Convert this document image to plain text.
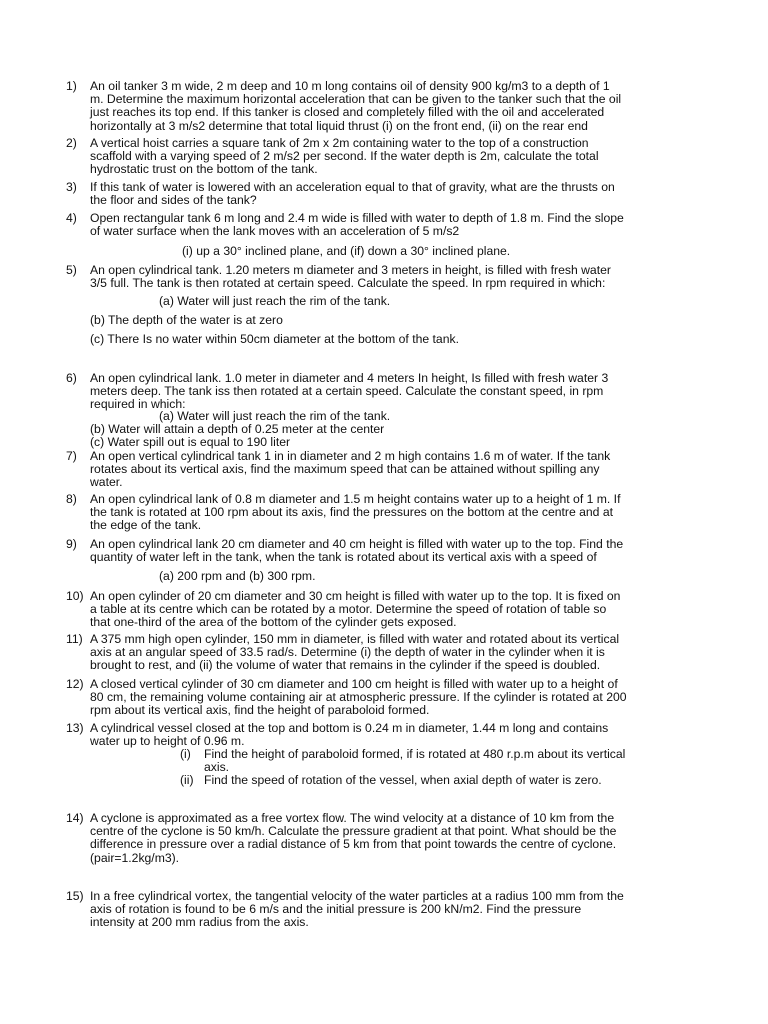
1) An oil tanker 3 m wide, 2 m deep and 10 m long contains oil of density 900 kg/m3 to a depth of 1
m. Determine the maximum horizontal acceleration that can be given to the tanker such that the oil
just reaches its top end. If this tanker is closed and completely filled with the oil and accelerated
horizontally at 3 m/s2 determine that total liquid thrust (i) on the front end, (ii) on the rear end
2) A vertical hoist carries a square tank of 2m x 2m containing water to the top of a construction
scaffold with a varying speed of 2 m/s2 per second. If the water depth is 2m, calculate the total
hydrostatic trust on the bottom of the tank.
3) If this tank of water is lowered with an acceleration equal to that of gravity, what are the thrusts on
the floor and sides of the tank?
4) Open rectangular tank 6 m long and 2.4 m wide is filled with water to depth of 1.8 m. Find the slope
of water surface when the lank moves with an acceleration of 5 m/s2
(i) up a 30° inclined plane, and (if) down a 30° inclined plane.
5) An open cylindrical tank. 1.20 meters m diameter and 3 meters in height, is filled with fresh water
3/5 full. The tank is then rotated at certain speed. Calculate the speed. In rpm required in which:
(a) Water will just reach the rim of the tank.
(b) The depth of the water is at zero
(c) There Is no water within 50cm diameter at the bottom of the tank.
6) An open cylindrical lank. 1.0 meter in diameter and 4 meters In height, Is filled with fresh water 3
meters deep. The tank iss then rotated at a certain speed. Calculate the constant speed, in rpm
required in which:
(a) Water will just reach the rim of the tank.
(b) Water will attain a depth of 0.25 meter at the center
(c) Water spill out is equal to 190 liter
7) An open vertical cylindrical tank 1 in in diameter and 2 m high contains 1.6 m of water. If the tank
rotates about its vertical axis, find the maximum speed that can be attained without spilling any
water.
8) An open cylindrical lank of 0.8 m diameter and 1.5 m height contains water up to a height of 1 m. If
the tank is rotated at 100 rpm about its axis, find the pressures on the bottom at the centre and at
the edge of the tank.
9) An open cylindrical lank 20 cm diameter and 40 cm height is filled with water up to the top. Find the
quantity of water left in the tank, when the tank is rotated about its vertical axis with a speed of
(a) 200 rpm and (b) 300 rpm.
10) An open cylinder of 20 cm diameter and 30 cm height is filled with water up to the top. It is fixed on
a table at its centre which can be rotated by a motor. Determine the speed of rotation of table so
that one-third of the area of the bottom of the cylinder gets exposed.
11) A 375 mm high open cylinder, 150 mm in diameter, is filled with water and rotated about its vertical
axis at an angular speed of 33.5 rad/s. Determine (i) the depth of water in the cylinder when it is
brought to rest, and (ii) the volume of water that remains in the cylinder if the speed is doubled.
12) A closed vertical cylinder of 30 cm diameter and 100 cm height is filled with water up to a height of
80 cm, the remaining volume containing air at atmospheric pressure. If the cylinder is rotated at 200
rpm about its vertical axis, find the height of paraboloid formed.
13) A cylindrical vessel closed at the top and bottom is 0.24 m in diameter, 1.44 m long and contains
water up to height of 0.96 m.
(i) Find the height of paraboloid formed, if is rotated at 480 r.p.m about its vertical
axis.
(ii) Find the speed of rotation of the vessel, when axial depth of water is zero.
14) A cyclone is approximated as a free vortex flow. The wind velocity at a distance of 10 km from the
centre of the cyclone is 50 km/h. Calculate the pressure gradient at that point. What should be the
difference in pressure over a radial distance of 5 km from that point towards the centre of cyclone.
(pair=1.2kg/m3).
15) In a free cylindrical vortex, the tangential velocity of the water particles at a radius 100 mm from the
axis of rotation is found to be 6 m/s and the initial pressure is 200 kN/m2. Find the pressure
intensity at 200 mm radius from the axis.
